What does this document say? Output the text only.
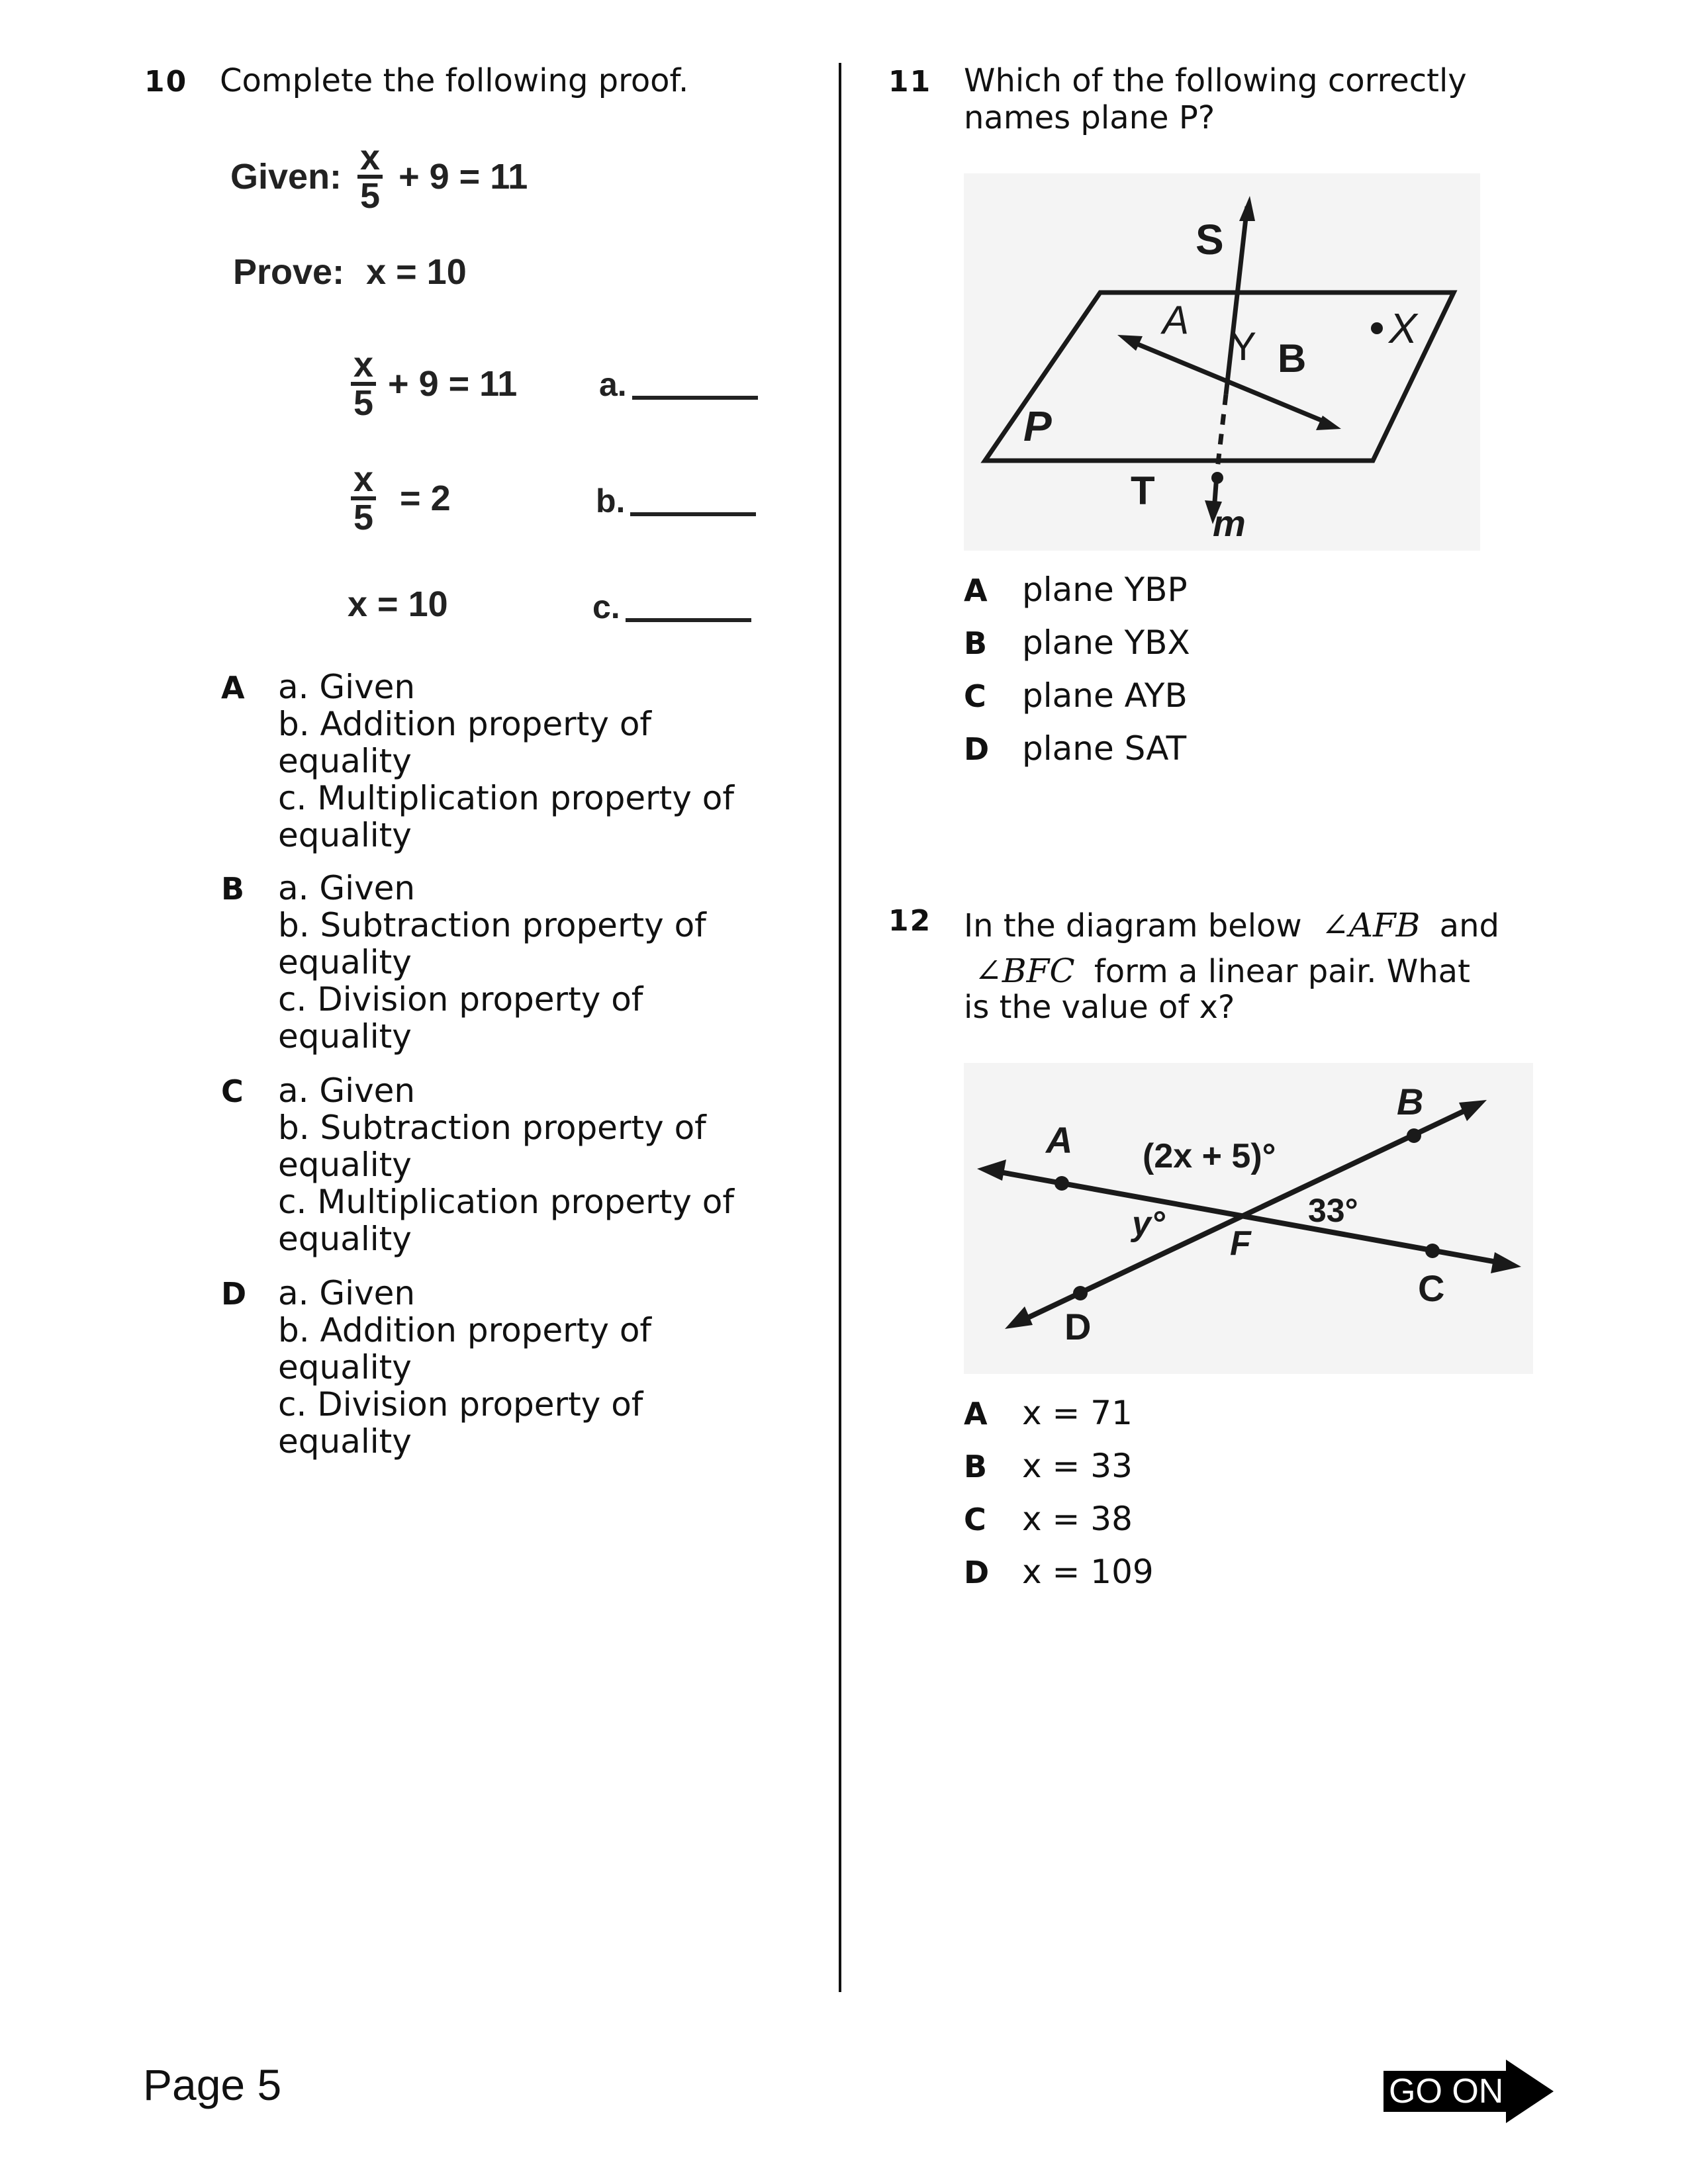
10 Complete the following proof.
Given: $\frac{x}{5} + 9 = 11$
Prove: x = 10
$\frac{x}{5} + 9 = 11$ a.
$\frac{x}{5} = 2$	b.
x = 10	c.
A a. Given
b. Addition property of
equality
c. Multiplication property of
equality
B a. Given
b. Subtraction property of
equality
c. Division property of
equality
C a. Given
b. Subtraction property of
equality
c. Multiplication property of
equality
D a. Given
b. Addition property of
equality
c. Division property of
equality
11 Which of the following correctly
names plane P?
S
A
Y B
X
P
T
m
A plane YBP
B plane YBX
C plane AYB
D plane SAT
12 In the diagram below ∠AFB and
∠BFC form a linear pair. What
is the value of x?
A
B
C
D
F
(2x + 5)°
y°	33°
A x = 71
B x = 33
C x = 38
D x = 109
Page 5	GO ON
